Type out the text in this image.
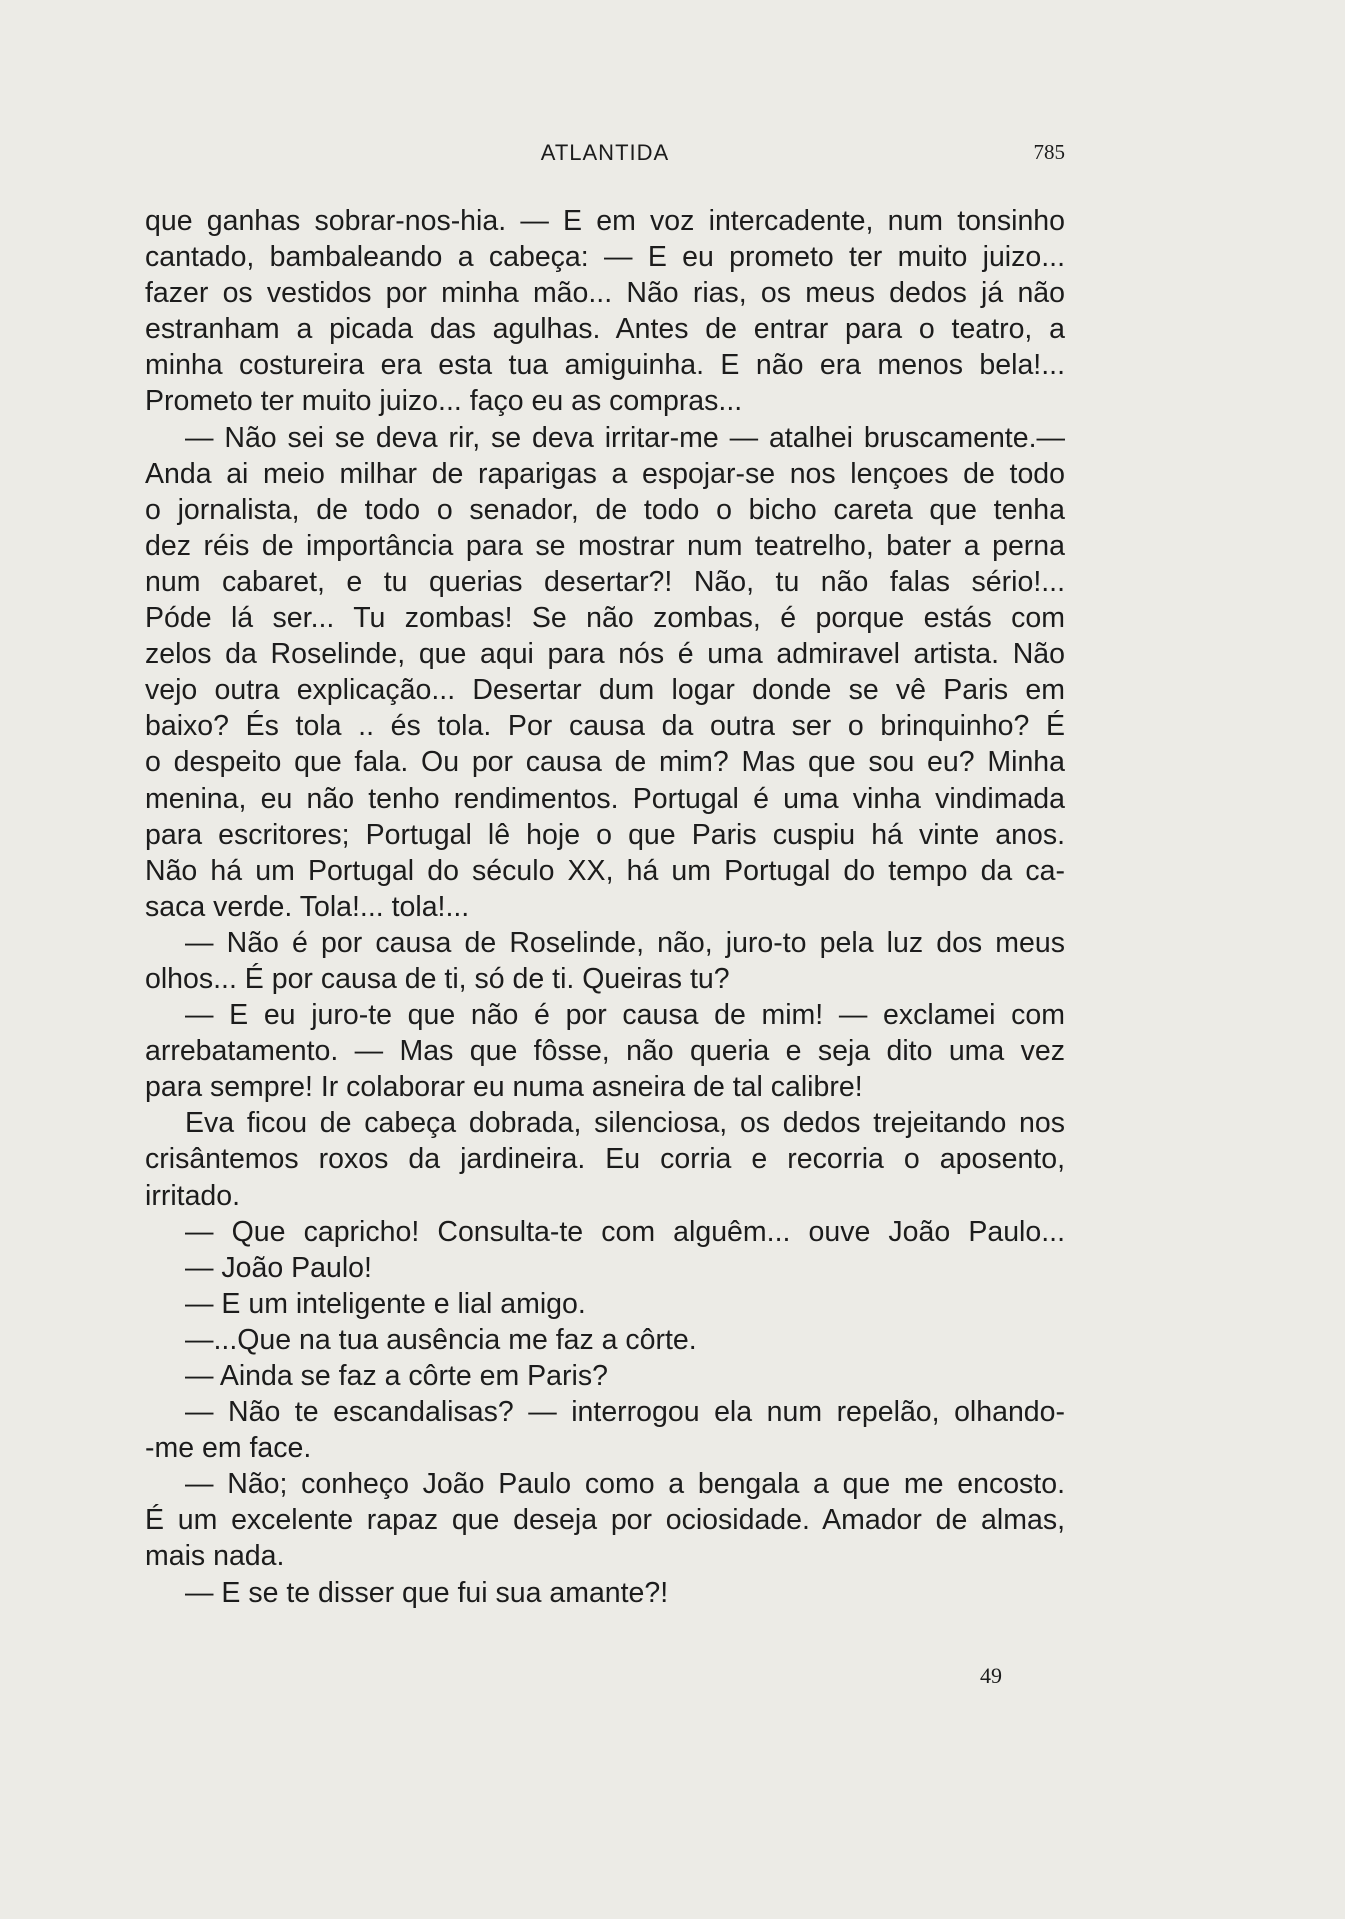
ATLANTIDA	785
que ganhas sobrar-nos-hia. — E em voz intercadente, num tonsinho
cantado, bambaleando a cabeça: — E eu prometo ter muito juizo...
fazer os vestidos por minha mão... Não rias, os meus dedos já não
estranham a picada das agulhas. Antes de entrar para o teatro, a
minha costureira era esta tua amiguinha. E não era menos bela!...
Prometo ter muito juizo... faço eu as compras...
— Não sei se deva rir, se deva irritar-me — atalhei bruscamente.—
Anda ai meio milhar de raparigas a espojar-se nos lençoes de todo
o jornalista, de todo o senador, de todo o bicho careta que tenha
dez réis de importância para se mostrar num teatrelho, bater a perna
num cabaret, e tu querias desertar?! Não, tu não falas sério!...
Póde lá ser... Tu zombas! Se não zombas, é porque estás com
zelos da Roselinde, que aqui para nós é uma admiravel artista. Não
vejo outra explicação... Desertar dum logar donde se vê Paris em
baixo? És tola .. és tola. Por causa da outra ser o brinquinho? É
o despeito que fala. Ou por causa de mim? Mas que sou eu? Minha
menina, eu não tenho rendimentos. Portugal é uma vinha vindimada
para escritores; Portugal lê hoje o que Paris cuspiu há vinte anos.
Não há um Portugal do século XX, há um Portugal do tempo da ca-
saca verde. Tola!... tola!...
— Não é por causa de Roselinde, não, juro-to pela luz dos meus
olhos... É por causa de ti, só de ti. Queiras tu?
— E eu juro-te que não é por causa de mim! — exclamei com
arrebatamento. — Mas que fôsse, não queria e seja dito uma vez
para sempre! Ir colaborar eu numa asneira de tal calibre!
Eva ficou de cabeça dobrada, silenciosa, os dedos trejeitando nos
crisântemos roxos da jardineira. Eu corria e recorria o aposento,
irritado.
— Que capricho! Consulta-te com alguêm... ouve João Paulo...
— João Paulo!
— E um inteligente e lial amigo.
—...Que na tua ausência me faz a côrte.
— Ainda se faz a côrte em Paris?
— Não te escandalisas? — interrogou ela num repelão, olhando-
-me em face.
— Não; conheço João Paulo como a bengala a que me encosto.
É um excelente rapaz que deseja por ociosidade. Amador de almas,
mais nada.
— E se te disser que fui sua amante?!
49
